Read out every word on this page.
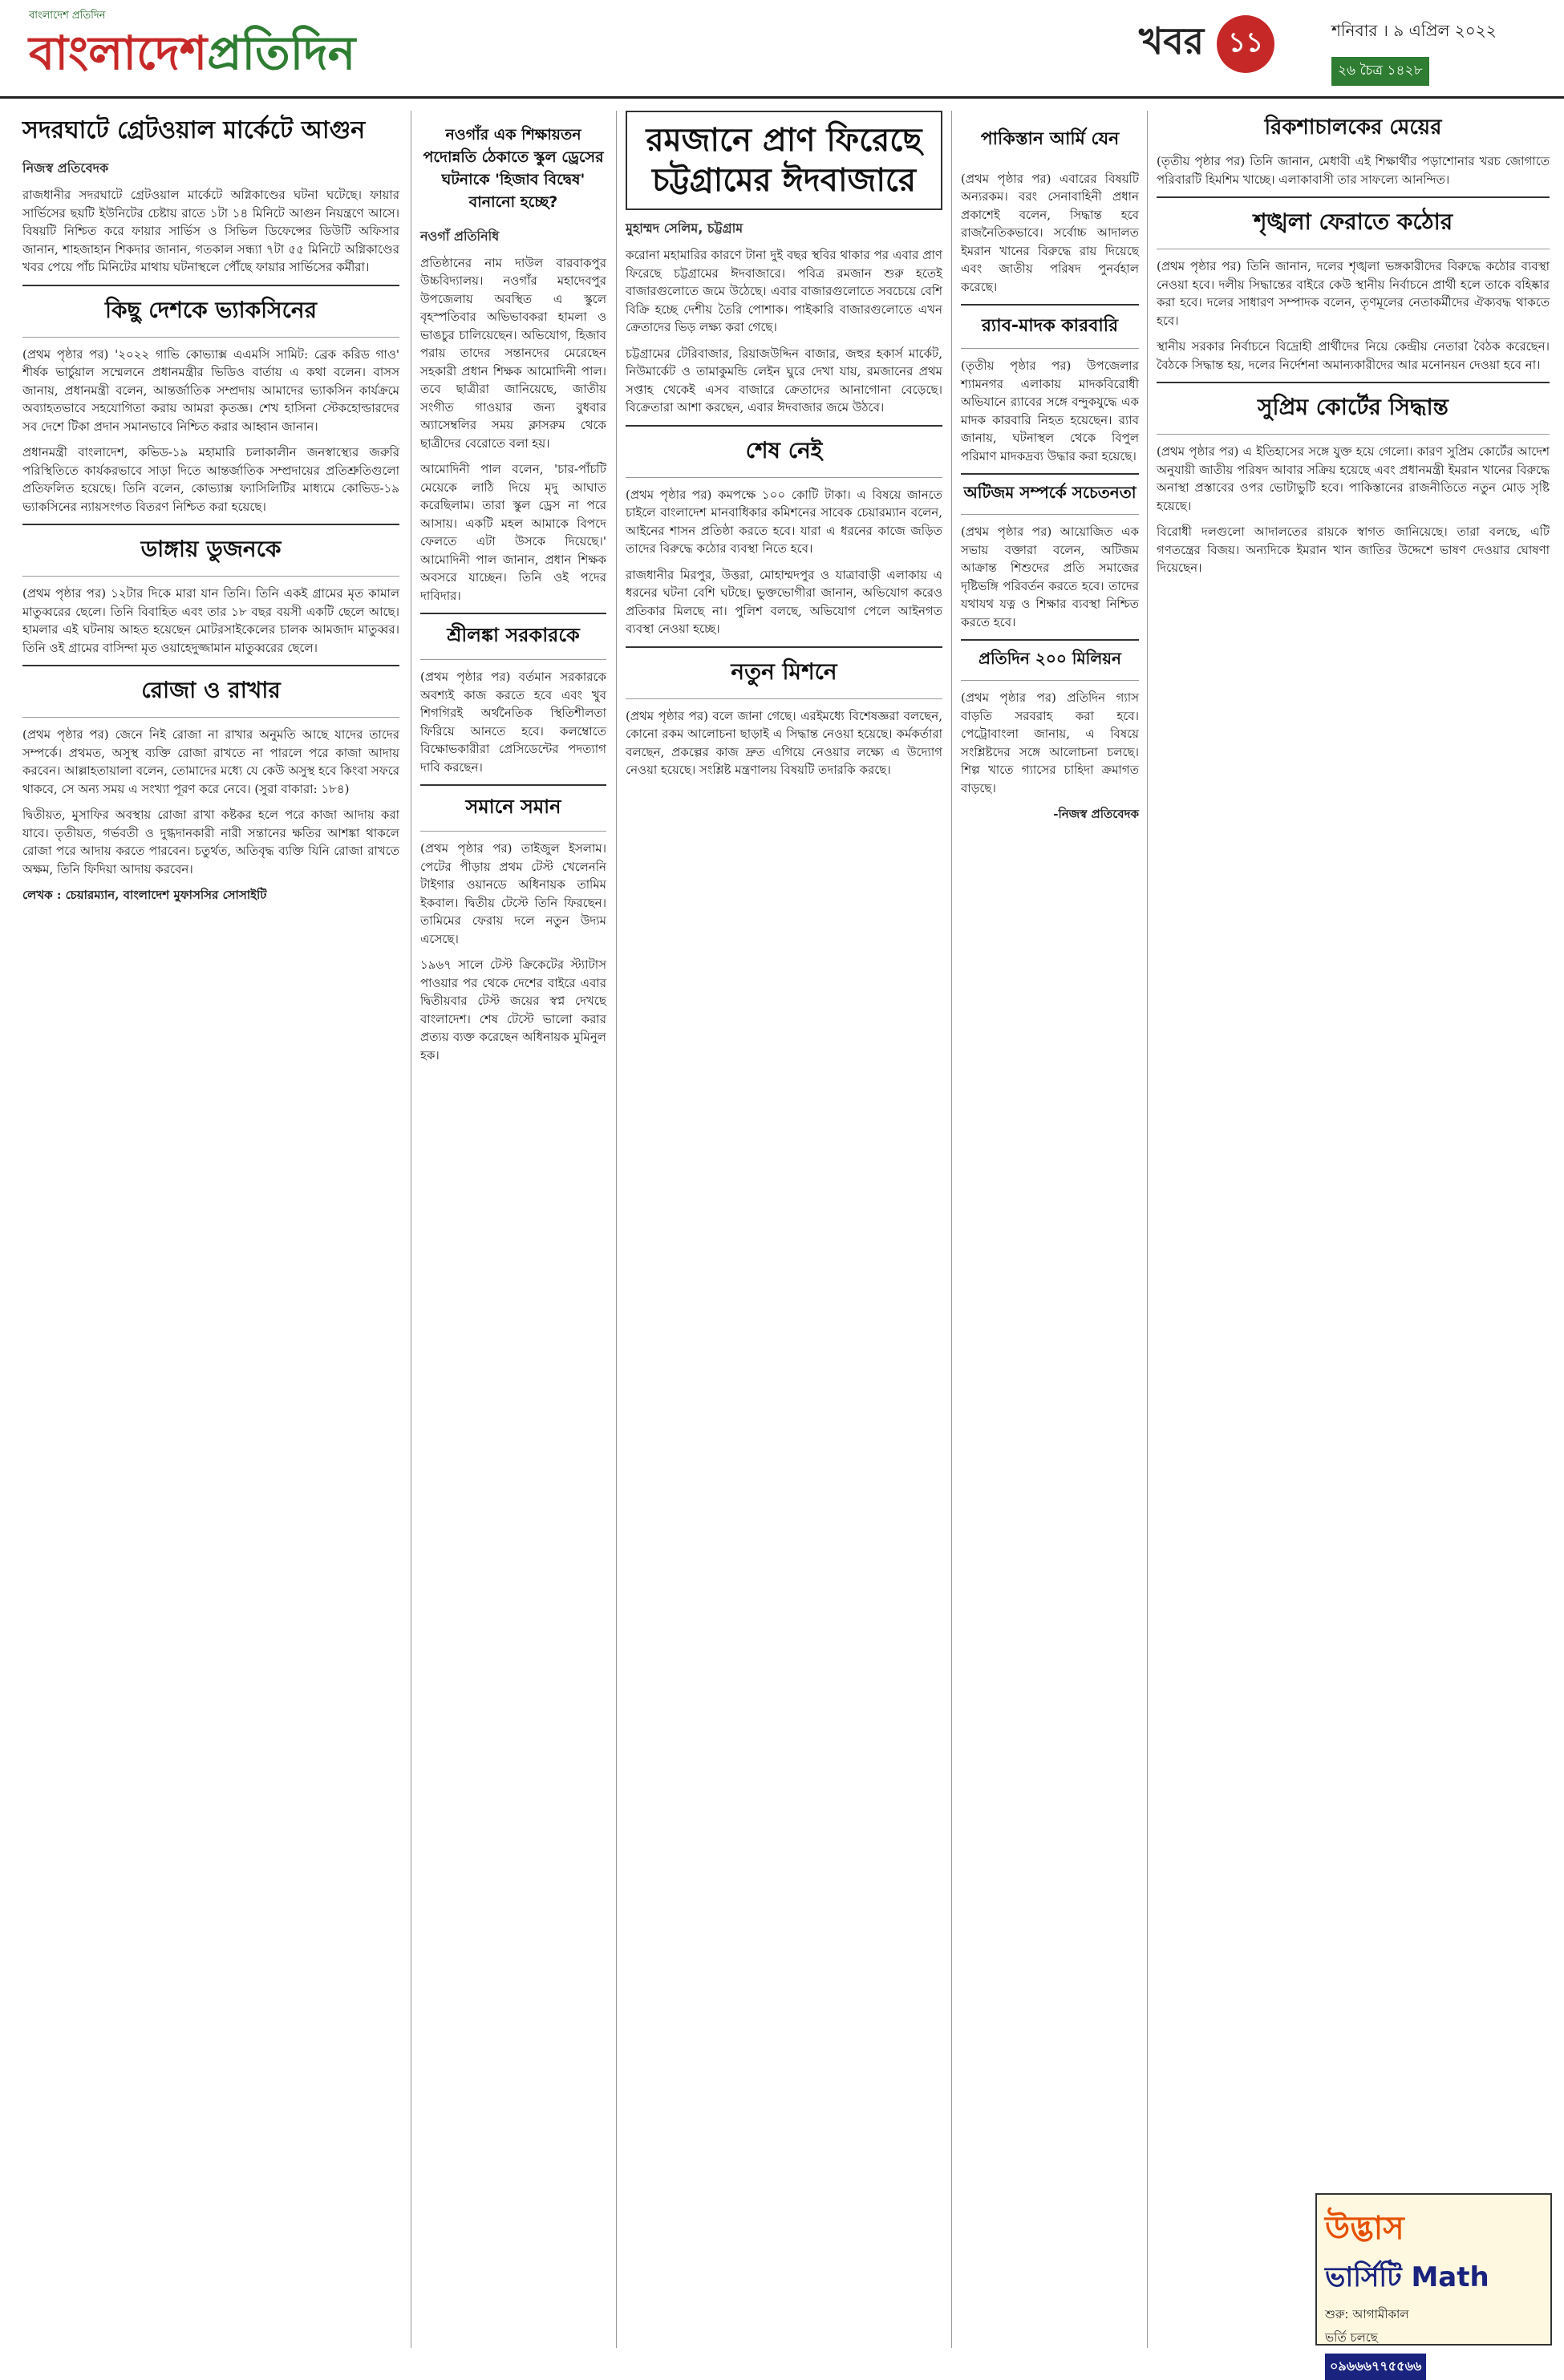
বাংলাদেশ প্রতিদিন
বাংলাদেশপ্রতিদিন	খবর ১১	শনিবার । ৯ এপ্রিল ২০২২
২৬ চৈত্র ১৪২৮
সদরঘাটে গ্রেটওয়াল মার্কেটে আগুন
নিজস্ব প্রতিবেদক

রাজধানীর সদরঘাটে গ্রেটওয়াল মার্কেটে অগ্নিকাণ্ডের ঘটনা ঘটেছে। ফায়ার সার্ভিসের ছয়টি ইউনিটের চেষ্টায় রাতে ১টা ১৪ মিনিটে আগুন নিয়ন্ত্রণে আসে। বিষয়টি নিশ্চিত করে ফায়ার সার্ভিস ও সিভিল ডিফেন্সের ডিউটি অফিসার জানান, শাহজাহান শিকদার জানান, গতকাল সন্ধ্যা ৭টা ৫৫ মিনিটে অগ্নিকাণ্ডের খবর পেয়ে পাঁচ মিনিটের মাথায় ঘটনাস্থলে পৌঁছে ফায়ার সার্ভিসের কর্মীরা।

কিছু দেশকে ভ্যাকসিনের

(প্রথম পৃষ্ঠার পর) '২০২২ গাভি কোভ্যাক্স এএমসি সামিট: ব্রেক করিড গাও' শীর্ষক ভার্চুয়াল সম্মেলনে প্রধানমন্ত্রীর ভিডিও বার্তায় এ কথা বলেন। বাসস জানায়, প্রধানমন্ত্রী বলেন, আন্তর্জাতিক সম্প্রদায় আমাদের ভ্যাকসিন কার্যক্রমে অব্যাহতভাবে সহযোগিতা করায় আমরা কৃতজ্ঞ। শেখ হাসিনা স্টেকহোল্ডারদের সব দেশে টিকা প্রদান সমানভাবে নিশ্চিত করার আহ্বান জানান।

প্রধানমন্ত্রী বাংলাদেশ, কভিড-১৯ মহামারি চলাকালীন জনস্বাস্থ্যের জরুরি পরিস্থিতিতে কার্যকরভাবে সাড়া দিতে আন্তর্জাতিক সম্প্রদায়ের প্রতিশ্রুতিগুলো প্রতিফলিত হয়েছে। তিনি বলেন, কোভ্যাক্স ফ্যাসিলিটির মাধ্যমে কোভিড-১৯ ভ্যাকসিনের ন্যায়সংগত বিতরণ নিশ্চিত করা হয়েছে।

ডাঙ্গায় ডুজনকে

(প্রথম পৃষ্ঠার পর) ১২টার দিকে মারা যান তিনি। তিনি একই গ্রামের মৃত কামাল মাতুব্বরের ছেলে। তিনি বিবাহিত এবং তার ১৮ বছর বয়সী একটি ছেলে আছে। হামলার এই ঘটনায় আহত হয়েছেন মোটরসাইকেলের চালক আমজাদ মাতুব্বর। তিনি ওই গ্রামের বাসিন্দা মৃত ওয়াহেদুজ্জামান মাতুব্বরের ছেলে।

রোজা ও রাখার

(প্রথম পৃষ্ঠার পর) জেনে নিই রোজা না রাখার অনুমতি আছে যাদের তাদের সম্পর্কে। প্রথমত, অসুস্থ ব্যক্তি রোজা রাখতে না পারলে পরে কাজা আদায় করবেন। আল্লাহতায়ালা বলেন, তোমাদের মধ্যে যে কেউ অসুস্থ হবে কিংবা সফরে থাকবে, সে অন্য সময় এ সংখ্যা পূরণ করে নেবে। (সুরা বাকারা: ১৮৪)

দ্বিতীয়ত, মুসাফির অবস্থায় রোজা রাখা কষ্টকর হলে পরে কাজা আদায় করা যাবে। তৃতীয়ত, গর্ভবতী ও দুগ্ধদানকারী নারী সন্তানের ক্ষতির আশঙ্কা থাকলে রোজা পরে আদায় করতে পারবেন। চতুর্থত, অতিবৃদ্ধ ব্যক্তি যিনি রোজা রাখতে অক্ষম, তিনি ফিদিয়া আদায় করবেন।

লেখক : চেয়ারম্যান, বাংলাদেশ মুফাসসির সোসাইটি

নওগাঁর এক শিক্ষায়তন পদোন্নতি ঠেকাতে স্কুল ড্রেসের ঘটনাকে 'হিজাব বিদ্বেষ' বানানো হচ্ছে?
নওগাঁ প্রতিনিধি

প্রতিষ্ঠানের নাম দাউল বারবাকপুর উচ্চবিদ্যালয়। নওগাঁর মহাদেবপুর উপজেলায় অবস্থিত এ স্কুলে বৃহস্পতিবার অভিভাবকরা হামলা ও ভাঙচুর চালিয়েছেন। অভিযোগ, হিজাব পরায় তাদের সন্তানদের মেরেছেন সহকারী প্রধান শিক্ষক আমোদিনী পাল। তবে ছাত্রীরা জানিয়েছে, জাতীয় সংগীত গাওয়ার জন্য বুধবার অ্যাসেম্বলির সময় ক্লাসরুম থেকে ছাত্রীদের বেরোতে বলা হয়।

আমোদিনী পাল বলেন, 'চার-পাঁচটি মেয়েকে লাঠি দিয়ে মৃদু আঘাত করেছিলাম। তারা স্কুল ড্রেস না পরে আসায়। একটি মহল আমাকে বিপদে ফেলতে এটা উসকে দিয়েছে।' আমোদিনী পাল জানান, প্রধান শিক্ষক অবসরে যাচ্ছেন। তিনি ওই পদের দাবিদার।

শ্রীলঙ্কা সরকারকে

(প্রথম পৃষ্ঠার পর) বর্তমান সরকারকে অবশ্যই কাজ করতে হবে এবং খুব শিগগিরই অর্থনৈতিক স্থিতিশীলতা ফিরিয়ে আনতে হবে। কলম্বোতে বিক্ষোভকারীরা প্রেসিডেন্টের পদত্যাগ দাবি করছেন।

সমানে সমান

(প্রথম পৃষ্ঠার পর) তাইজুল ইসলাম। পেটের পীড়ায় প্রথম টেস্ট খেলেননি টাইগার ওয়ানডে অধিনায়ক তামিম ইকবাল। দ্বিতীয় টেস্টে তিনি ফিরছেন। তামিমের ফেরায় দলে নতুন উদ্যম এসেছে।

১৯৬৭ সালে টেস্ট ক্রিকেটের স্ট্যাটাস পাওয়ার পর থেকে দেশের বাইরে এবার দ্বিতীয়বার টেস্ট জয়ের স্বপ্ন দেখছে বাংলাদেশ। শেষ টেস্টে ভালো করার প্রত্যয় ব্যক্ত করেছেন অধিনায়ক মুমিনুল হক।

রমজানে প্রাণ ফিরেছে
চট্টগ্রামের ঈদবাজারে
মুহাম্মদ সেলিম, চট্টগ্রাম

করোনা মহামারির কারণে টানা দুই বছর স্থবির থাকার পর এবার প্রাণ ফিরেছে চট্টগ্রামের ঈদবাজারে। পবিত্র রমজান শুরু হতেই বাজারগুলোতে জমে উঠেছে। এবার বাজারগুলোতে সবচেয়ে বেশি বিক্রি হচ্ছে দেশীয় তৈরি পোশাক। পাইকারি বাজারগুলোতে এখন ক্রেতাদের ভিড় লক্ষ্য করা গেছে।

চট্টগ্রামের টেরিবাজার, রিয়াজউদ্দিন বাজার, জহুর হকার্স মার্কেট, নিউমার্কেট ও তামাকুমন্ডি লেইন ঘুরে দেখা যায়, রমজানের প্রথম সপ্তাহ থেকেই এসব বাজারে ক্রেতাদের আনাগোনা বেড়েছে। বিক্রেতারা আশা করছেন, এবার ঈদবাজার জমে উঠবে।

শেষ নেই

(প্রথম পৃষ্ঠার পর) কমপক্ষে ১০০ কোটি টাকা। এ বিষয়ে জানতে চাইলে বাংলাদেশ মানবাধিকার কমিশনের সাবেক চেয়ারম্যান বলেন, আইনের শাসন প্রতিষ্ঠা করতে হবে। যারা এ ধরনের কাজে জড়িত তাদের বিরুদ্ধে কঠোর ব্যবস্থা নিতে হবে।

রাজধানীর মিরপুর, উত্তরা, মোহাম্মদপুর ও যাত্রাবাড়ী এলাকায় এ ধরনের ঘটনা বেশি ঘটছে। ভুক্তভোগীরা জানান, অভিযোগ করেও প্রতিকার মিলছে না। পুলিশ বলছে, অভিযোগ পেলে আইনগত ব্যবস্থা নেওয়া হচ্ছে।

নতুন মিশনে

(প্রথম পৃষ্ঠার পর) বলে জানা গেছে। এরইমধ্যে বিশেষজ্ঞরা বলছেন, কোনো রকম আলোচনা ছাড়াই এ সিদ্ধান্ত নেওয়া হয়েছে। কর্মকর্তারা বলছেন, প্রকল্পের কাজ দ্রুত এগিয়ে নেওয়ার লক্ষ্যে এ উদ্যোগ নেওয়া হয়েছে। সংশ্লিষ্ট মন্ত্রণালয় বিষয়টি তদারকি করছে।

পাকিস্তান আর্মি যেন

(প্রথম পৃষ্ঠার পর) এবারের বিষয়টি অন্যরকম। বরং সেনাবাহিনী প্রধান প্রকাশেই বলেন, সিদ্ধান্ত হবে রাজনৈতিকভাবে। সর্বোচ্চ আদালত ইমরান খানের বিরুদ্ধে রায় দিয়েছে এবং জাতীয় পরিষদ পুনর্বহাল করেছে।

র‍্যাব-মাদক কারবারি

(তৃতীয় পৃষ্ঠার পর) উপজেলার শ্যামনগর এলাকায় মাদকবিরোধী অভিযানে র‍্যাবের সঙ্গে বন্দুকযুদ্ধে এক মাদক কারবারি নিহত হয়েছেন। র‍্যাব জানায়, ঘটনাস্থল থেকে বিপুল পরিমাণ মাদকদ্রব্য উদ্ধার করা হয়েছে।

অটিজম সম্পর্কে সচেতনতা

(প্রথম পৃষ্ঠার পর) আয়োজিত এক সভায় বক্তারা বলেন, অটিজম আক্রান্ত শিশুদের প্রতি সমাজের দৃষ্টিভঙ্গি পরিবর্তন করতে হবে। তাদের যথাযথ যত্ন ও শিক্ষার ব্যবস্থা নিশ্চিত করতে হবে।

প্রতিদিন ২০০ মিলিয়ন

(প্রথম পৃষ্ঠার পর) প্রতিদিন গ্যাস বাড়তি সরবরাহ করা হবে। পেট্রোবাংলা জানায়, এ বিষয়ে সংশ্লিষ্টদের সঙ্গে আলোচনা চলছে। শিল্প খাতে গ্যাসের চাহিদা ক্রমাগত বাড়ছে।

-নিজস্ব প্রতিবেদক

রিকশাচালকের মেয়ের

(তৃতীয় পৃষ্ঠার পর) তিনি জানান, মেধাবী এই শিক্ষার্থীর পড়াশোনার খরচ জোগাতে পরিবারটি হিমশিম খাচ্ছে। এলাকাবাসী তার সাফল্যে আনন্দিত।

শৃঙ্খলা ফেরাতে কঠোর

(প্রথম পৃষ্ঠার পর) তিনি জানান, দলের শৃঙ্খলা ভঙ্গকারীদের বিরুদ্ধে কঠোর ব্যবস্থা নেওয়া হবে। দলীয় সিদ্ধান্তের বাইরে কেউ স্থানীয় নির্বাচনে প্রার্থী হলে তাকে বহিষ্কার করা হবে। দলের সাধারণ সম্পাদক বলেন, তৃণমূলের নেতাকর্মীদের ঐক্যবদ্ধ থাকতে হবে।

স্থানীয় সরকার নির্বাচনে বিদ্রোহী প্রার্থীদের নিয়ে কেন্দ্রীয় নেতারা বৈঠক করেছেন। বৈঠকে সিদ্ধান্ত হয়, দলের নির্দেশনা অমান্যকারীদের আর মনোনয়ন দেওয়া হবে না।

সুপ্রিম কোর্টের সিদ্ধান্ত

(প্রথম পৃষ্ঠার পর) এ ইতিহাসের সঙ্গে যুক্ত হয়ে গেলো। কারণ সুপ্রিম কোর্টের আদেশ অনুযায়ী জাতীয় পরিষদ আবার সক্রিয় হয়েছে এবং প্রধানমন্ত্রী ইমরান খানের বিরুদ্ধে অনাস্থা প্রস্তাবের ওপর ভোটাভুটি হবে। পাকিস্তানের রাজনীতিতে নতুন মোড় সৃষ্টি হয়েছে।

বিরোধী দলগুলো আদালতের রায়কে স্বাগত জানিয়েছে। তারা বলছে, এটি গণতন্ত্রের বিজয়। অন্যদিকে ইমরান খান জাতির উদ্দেশে ভাষণ দেওয়ার ঘোষণা দিয়েছেন।

উদ্ভাস
ভার্সিটি Math
শুরু: আগামীকাল
ভর্তি চলছে
০৯৬৬৬৭৭৫৫৬৬
